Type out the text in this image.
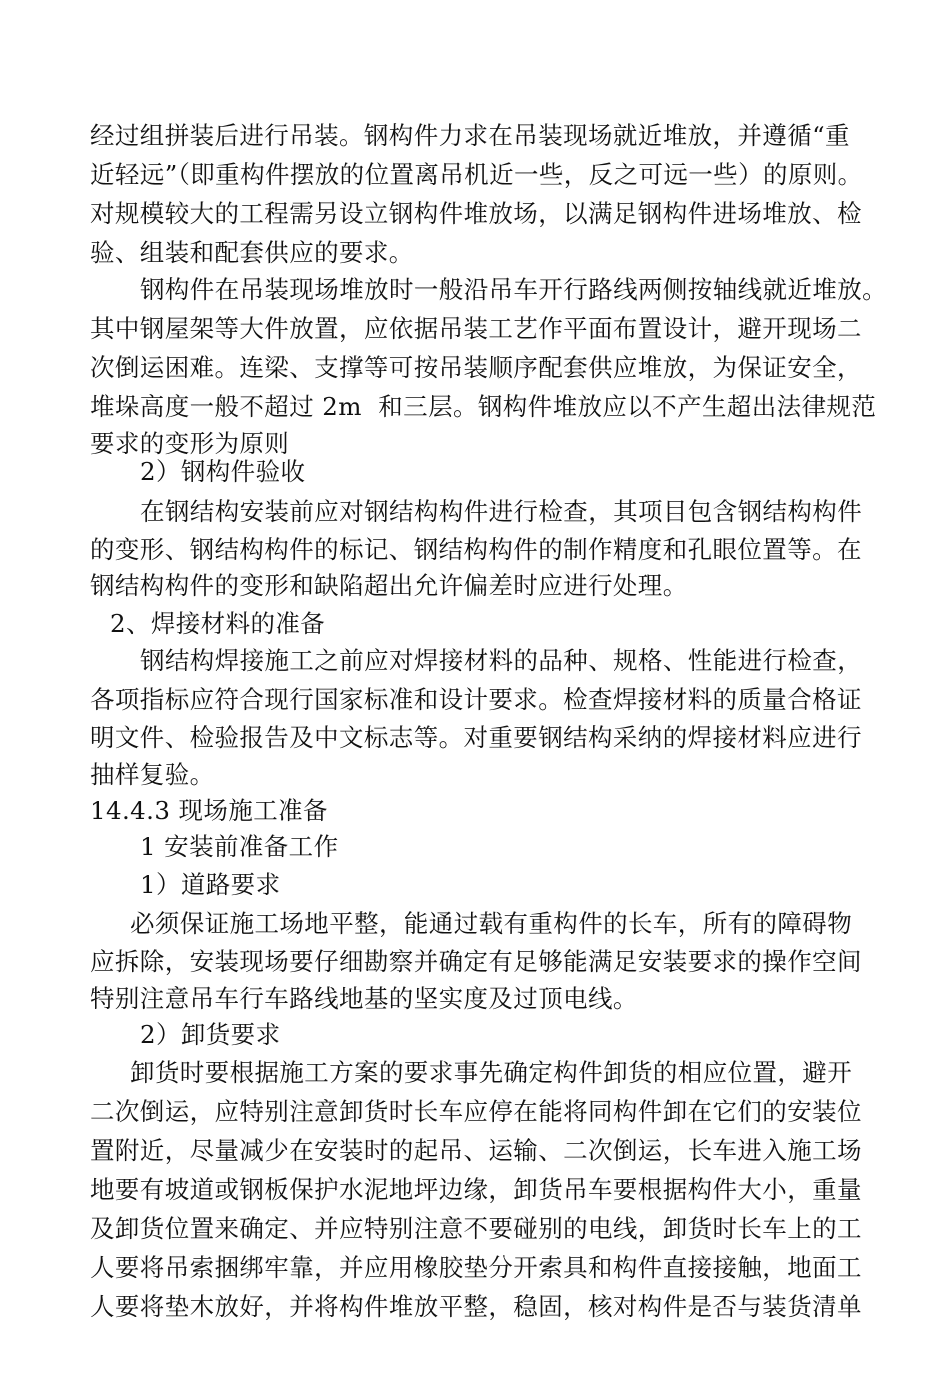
经过组拼装后进行吊装。钢构件力求在吊装现场就近堆放，并遵循“重
近轻远”（即重构件摆放的位置离吊机近一些，反之可远一些）的原则。
对规模较大的工程需另设立钢构件堆放场，以满足钢构件进场堆放、检
验、组装和配套供应的要求。
钢构件在吊装现场堆放时一般沿吊车开行路线两侧按轴线就近堆放。
其中钢屋架等大件放置，应依据吊装工艺作平面布置设计，避开现场二
次倒运困难。连梁、支撑等可按吊装顺序配套供应堆放，为保证安全，
堆垛高度一般不超过 2m  和三层。钢构件堆放应以不产生超出法律规范
要求的变形为原则
2）钢构件验收
在钢结构安装前应对钢结构构件进行检查，其项目包含钢结构构件
的变形、钢结构构件的标记、钢结构构件的制作精度和孔眼位置等。在
钢结构构件的变形和缺陷超出允许偏差时应进行处理。
2、焊接材料的准备
钢结构焊接施工之前应对焊接材料的品种、规格、性能进行检查，
各项指标应符合现行国家标准和设计要求。检查焊接材料的质量合格证
明文件、检验报告及中文标志等。对重要钢结构采纳的焊接材料应进行
抽样复验。
14.4.3 现场施工准备
1 安装前准备工作
1）道路要求
必须保证施工场地平整，能通过载有重构件的长车，所有的障碍物
应拆除，安装现场要仔细勘察并确定有足够能满足安装要求的操作空间
特别注意吊车行车路线地基的坚实度及过顶电线。
2）卸货要求
卸货时要根据施工方案的要求事先确定构件卸货的相应位置，避开
二次倒运，应特别注意卸货时长车应停在能将同构件卸在它们的安装位
置附近，尽量减少在安装时的起吊、运输、二次倒运，长车进入施工场
地要有坡道或钢板保护水泥地坪边缘，卸货吊车要根据构件大小，重量
及卸货位置来确定、并应特别注意不要碰别的电线，卸货时长车上的工
人要将吊索捆绑牢靠，并应用橡胶垫分开索具和构件直接接触，地面工
人要将垫木放好，并将构件堆放平整，稳固，核对构件是否与装货清单
